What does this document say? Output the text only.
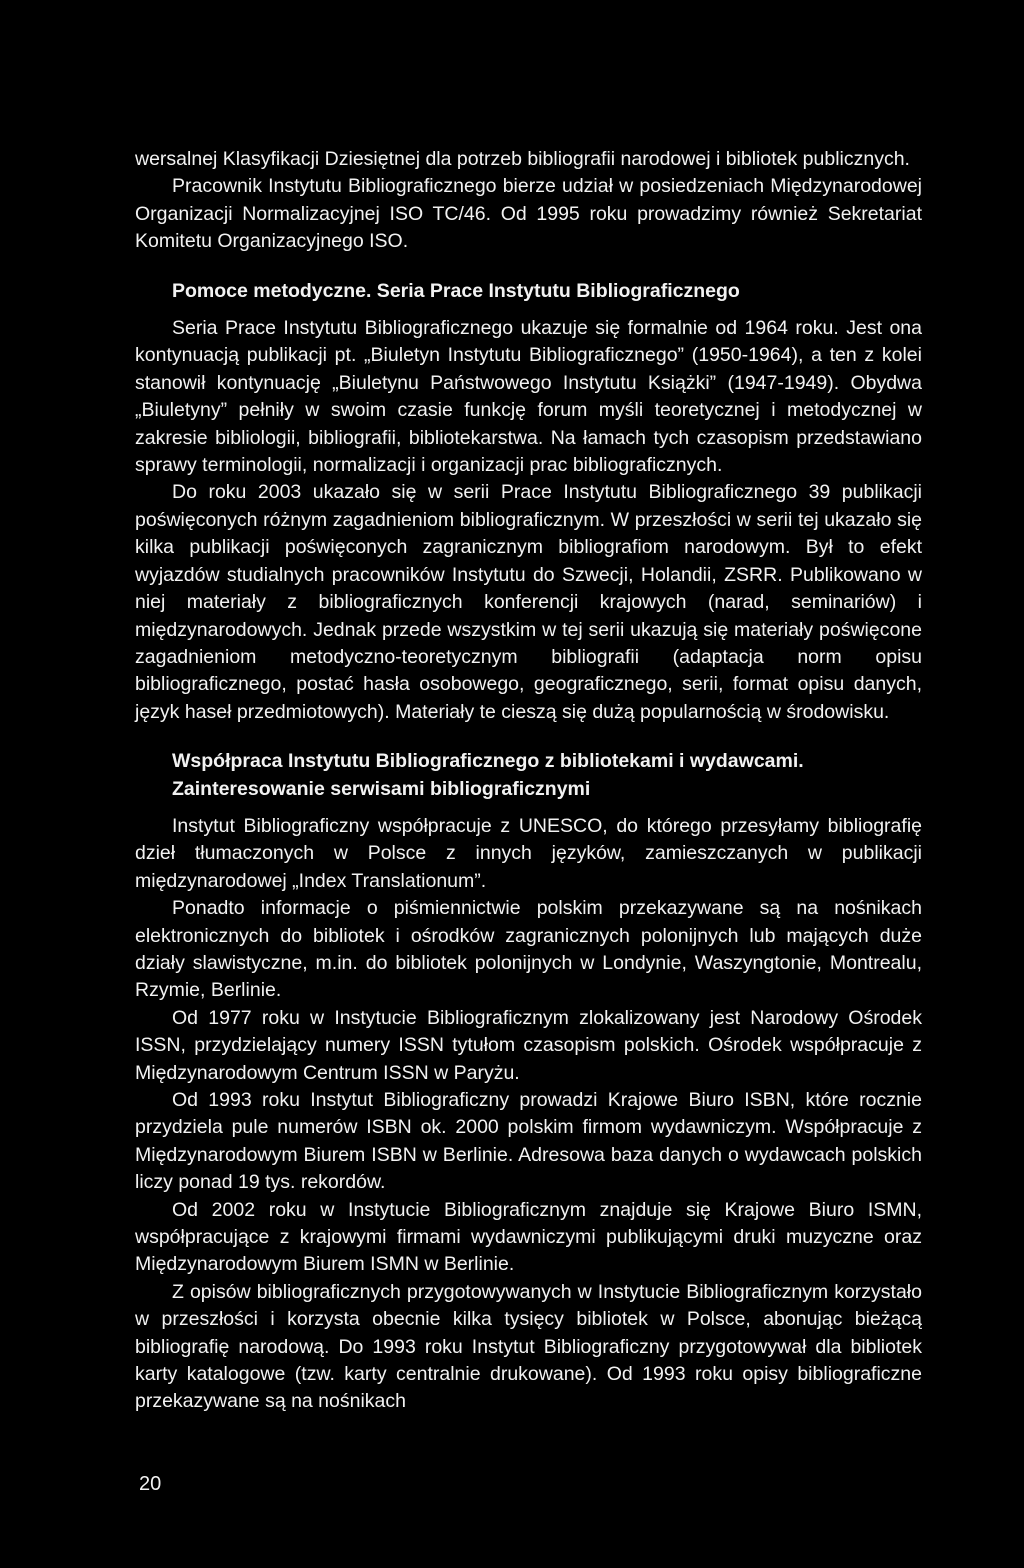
wersalnej Klasyfikacji Dziesiętnej dla potrzeb bibliografii narodowej i bibliotek publicznych.

Pracownik Instytutu Bibliograficznego bierze udział w posiedzeniach Międzynarodowej Organizacji Normalizacyjnej ISO TC/46. Od 1995 roku prowadzimy również Sekretariat Komitetu Organizacyjnego ISO.

Pomoce metodyczne. Seria Prace Instytutu Bibliograficznego

Seria Prace Instytutu Bibliograficznego ukazuje się formalnie od 1964 roku. Jest ona kontynuacją publikacji pt. „Biuletyn Instytutu Bibliograficznego” (1950-1964), a ten z kolei stanowił kontynuację „Biuletynu Państwowego Instytutu Książki” (1947-1949). Obydwa „Biuletyny” pełniły w swoim czasie funkcję forum myśli teoretycznej i metodycznej w zakresie bibliologii, bibliografii, bibliotekarstwa. Na łamach tych czasopism przedstawiano sprawy terminologii, normalizacji i organizacji prac bibliograficznych.

Do roku 2003 ukazało się w serii Prace Instytutu Bibliograficznego 39 publikacji poświęconych różnym zagadnieniom bibliograficznym. W przeszłości w serii tej ukazało się kilka publikacji poświęconych zagranicznym bibliografiom narodowym. Był to efekt wyjazdów studialnych pracowników Instytutu do Szwecji, Holandii, ZSRR. Publikowano w niej materiały z bibliograficznych konferencji krajowych (narad, seminariów) i międzynarodowych. Jednak przede wszystkim w tej serii ukazują się materiały poświęcone zagadnieniom metodyczno-teoretycznym bibliografii (adaptacja norm opisu bibliograficznego, postać hasła osobowego, geograficznego, serii, format opisu danych, język haseł przedmiotowych). Materiały te cieszą się dużą popularnością w środowisku.

Współpraca Instytutu Bibliograficznego z bibliotekami i wydawcami. Zainteresowanie serwisami bibliograficznymi

Instytut Bibliograficzny współpracuje z UNESCO, do którego przesyłamy bibliografię dzieł tłumaczonych w Polsce z innych języków, zamieszczanych w publikacji międzynarodowej „Index Translationum”.

Ponadto informacje o piśmiennictwie polskim przekazywane są na nośnikach elektronicznych do bibliotek i ośrodków zagranicznych polonijnych lub mających duże działy slawistyczne, m.in. do bibliotek polonijnych w Londynie, Waszyngtonie, Montrealu, Rzymie, Berlinie.

Od 1977 roku w Instytucie Bibliograficznym zlokalizowany jest Narodowy Ośrodek ISSN, przydzielający numery ISSN tytułom czasopism polskich. Ośrodek współpracuje z Międzynarodowym Centrum ISSN w Paryżu.

Od 1993 roku Instytut Bibliograficzny prowadzi Krajowe Biuro ISBN, które rocznie przydziela pule numerów ISBN ok. 2000 polskim firmom wydawniczym. Współpracuje z Międzynarodowym Biurem ISBN w Berlinie. Adresowa baza danych o wydawcach polskich liczy ponad 19 tys. rekordów.

Od 2002 roku w Instytucie Bibliograficznym znajduje się Krajowe Biuro ISMN, współpracujące z krajowymi firmami wydawniczymi publikującymi druki muzyczne oraz Międzynarodowym Biurem ISMN w Berlinie.

Z opisów bibliograficznych przygotowywanych w Instytucie Bibliograficznym korzystało w przeszłości i korzysta obecnie kilka tysięcy bibliotek w Polsce, abonując bieżącą bibliografię narodową. Do 1993 roku Instytut Bibliograficzny przygotowywał dla bibliotek karty katalogowe (tzw. karty centralnie drukowane). Od 1993 roku opisy bibliograficzne przekazywane są na nośnikach

20
